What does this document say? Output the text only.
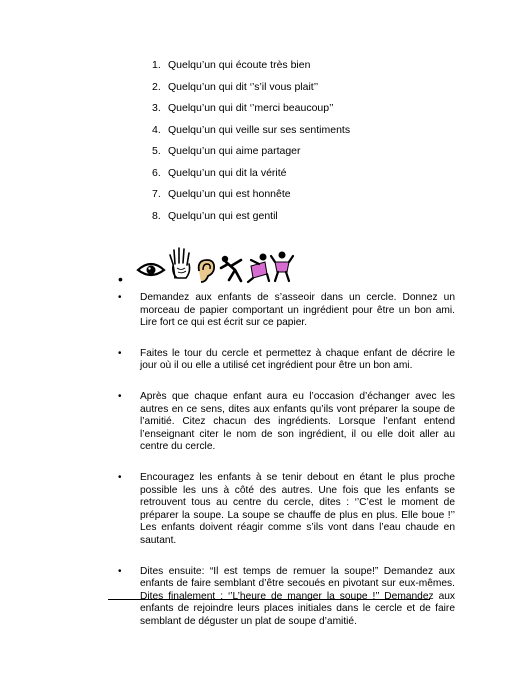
1. Quelqu’un qui écoute très bien
2. Quelqu’un qui dit ‘’s’il vous plait’’
3. Quelqu’un qui dit ‘’merci beaucoup’’
4. Quelqu’un qui veille sur ses sentiments
5. Quelqu’un qui aime partager
6. Quelqu’un qui dit la vérité
7. Quelqu’un qui est honnête
8. Quelqu’un qui est gentil
•
• Demandez aux enfants de s’asseoir dans un cercle. Donnez un morceau de papier comportant un ingrédient pour être un bon ami. Lire fort ce qui est écrit sur ce papier.
• Faites le tour du cercle et permettez à chaque enfant de décrire le jour où il ou elle a utilisé cet ingrédient pour être un bon ami.
• Après que chaque enfant aura eu l’occasion d’échanger avec les autres en ce sens, dites aux enfants qu’ils vont préparer la soupe de l’amitié. Citez chacun des ingrédients. Lorsque l’enfant entend l’enseignant citer le nom de son ingrédient, il ou elle doit aller au centre du cercle.
• Encouragez les enfants à se tenir debout en étant le plus proche possible les uns à côté des autres. Une fois que les enfants se retrouvent tous au centre du cercle, dites : ‘’C’est le moment de préparer la soupe. La soupe se chauffe de plus en plus. Elle boue !’’ Les enfants doivent réagir comme s’ils vont dans l’eau chaude en sautant.
• Dites ensuite: “Il est temps de remuer la soupe!” Demandez aux enfants de faire semblant d’être secoués en pivotant sur eux-mêmes. Dites finalement : ‘’L’heure de manger la soupe !’’ Demandez aux enfants de rejoindre leurs places initiales dans le cercle et de faire semblant de déguster un plat de soupe d’amitié.
